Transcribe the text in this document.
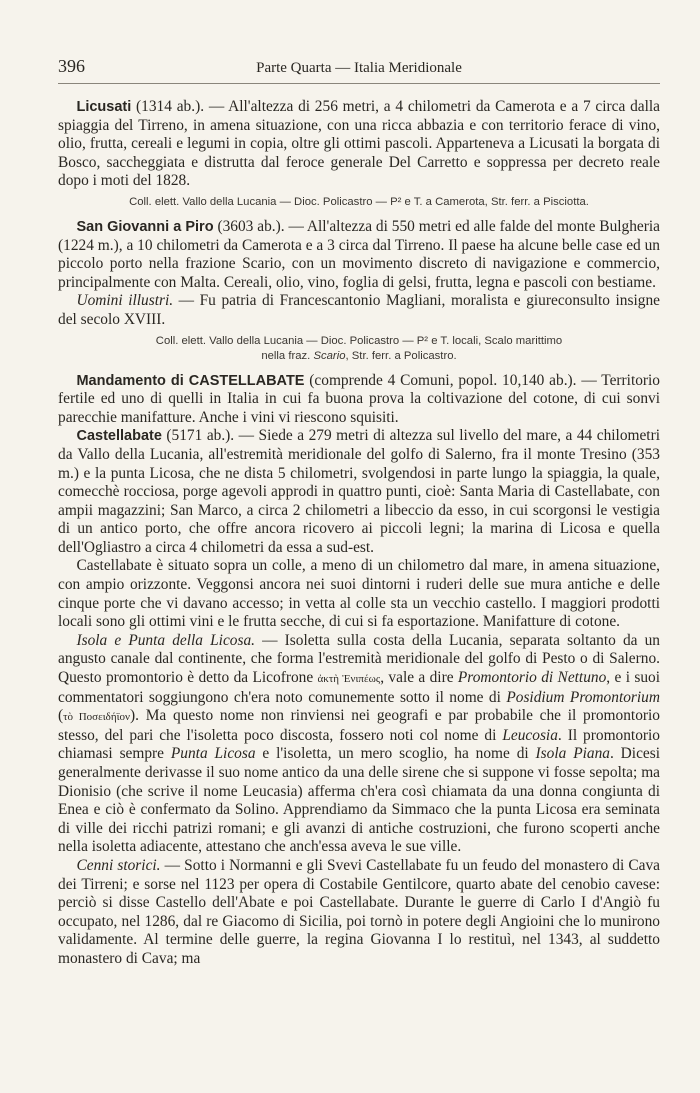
396	Parte Quarta — Italia Meridionale

Licusati (1314 ab.). — All'altezza di 256 metri, a 4 chilometri da Camerota e a 7 circa dalla spiaggia del Tirreno, in amena situazione, con una ricca abbazia e con territorio ferace di vino, olio, frutta, cereali e legumi in copia, oltre gli ottimi pascoli. Apparteneva a Licusati la borgata di Bosco, saccheggiata e distrutta dal feroce generale Del Carretto e soppressa per decreto reale dopo i moti del 1828.

Coll. elett. Vallo della Lucania — Dioc. Policastro — P² e T. a Camerota, Str. ferr. a Pisciotta.

San Giovanni a Piro (3603 ab.). — All'altezza di 550 metri ed alle falde del monte Bulgheria (1224 m.), a 10 chilometri da Camerota e a 3 circa dal Tirreno. Il paese ha alcune belle case ed un piccolo porto nella frazione Scario, con un movimento discreto di navigazione e commercio, principalmente con Malta. Cereali, olio, vino, foglia di gelsi, frutta, legna e pascoli con bestiame.

Uomini illustri. — Fu patria di Francescantonio Magliani, moralista e giureconsulto insigne del secolo XVIII.

Coll. elett. Vallo della Lucania — Dioc. Policastro — P² e T. locali, Scalo marittimo
nella fraz. Scario, Str. ferr. a Policastro.

Mandamento di CASTELLABATE (comprende 4 Comuni, popol. 10,140 ab.). — Territorio fertile ed uno di quelli in Italia in cui fa buona prova la coltivazione del cotone, di cui sonvi parecchie manifatture. Anche i vini vi riescono squisiti.

Castellabate (5171 ab.). — Siede a 279 metri di altezza sul livello del mare, a 44 chilometri da Vallo della Lucania, all'estremità meridionale del golfo di Salerno, fra il monte Tresino (353 m.) e la punta Licosa, che ne dista 5 chilometri, svolgendosi in parte lungo la spiaggia, la quale, comecchè rocciosa, porge agevoli approdi in quattro punti, cioè: Santa Maria di Castellabate, con ampii magazzini; San Marco, a circa 2 chilometri a libeccio da esso, in cui scorgonsi le vestigia di un antico porto, che offre ancora ricovero ai piccoli legni; la marina di Licosa e quella dell'Ogliastro a circa 4 chilometri da essa a sud-est.

Castellabate è situato sopra un colle, a meno di un chilometro dal mare, in amena situazione, con ampio orizzonte. Veggonsi ancora nei suoi dintorni i ruderi delle sue mura antiche e delle cinque porte che vi davano accesso; in vetta al colle sta un vecchio castello. I maggiori prodotti locali sono gli ottimi vini e le frutta secche, di cui si fa esportazione. Manifatture di cotone.

Isola e Punta della Licosa. — Isoletta sulla costa della Lucania, separata soltanto da un angusto canale dal continente, che forma l'estremità meridionale del golfo di Pesto o di Salerno. Questo promontorio è detto da Licofrone ἀκτὴ Ἐνιπέως, vale a dire Promontorio di Nettuno, e i suoi commentatori soggiungono ch'era noto comunemente sotto il nome di Posidium Promontorium (τὸ Ποσειδήϊον). Ma questo nome non rinviensi nei geografi e par probabile che il promontorio stesso, del pari che l'isoletta poco discosta, fossero noti col nome di Leucosia. Il promontorio chiamasi sempre Punta Licosa e l'isoletta, un mero scoglio, ha nome di Isola Piana. Dicesi generalmente derivasse il suo nome antico da una delle sirene che si suppone vi fosse sepolta; ma Dionisio (che scrive il nome Leucasia) afferma ch'era così chiamata da una donna congiunta di Enea e ciò è confermato da Solino. Apprendiamo da Simmaco che la punta Licosa era seminata di ville dei ricchi patrizi romani; e gli avanzi di antiche costruzioni, che furono scoperti anche nella isoletta adiacente, attestano che anch'essa aveva le sue ville.

Cenni storici. — Sotto i Normanni e gli Svevi Castellabate fu un feudo del monastero di Cava dei Tirreni; e sorse nel 1123 per opera di Costabile Gentilcore, quarto abate del cenobio cavese: perciò si disse Castello dell'Abate e poi Castellabate. Durante le guerre di Carlo I d'Angiò fu occupato, nel 1286, dal re Giacomo di Sicilia, poi tornò in potere degli Angioini che lo munirono validamente. Al termine delle guerre, la regina Giovanna I lo restituì, nel 1343, al suddetto monastero di Cava; ma
